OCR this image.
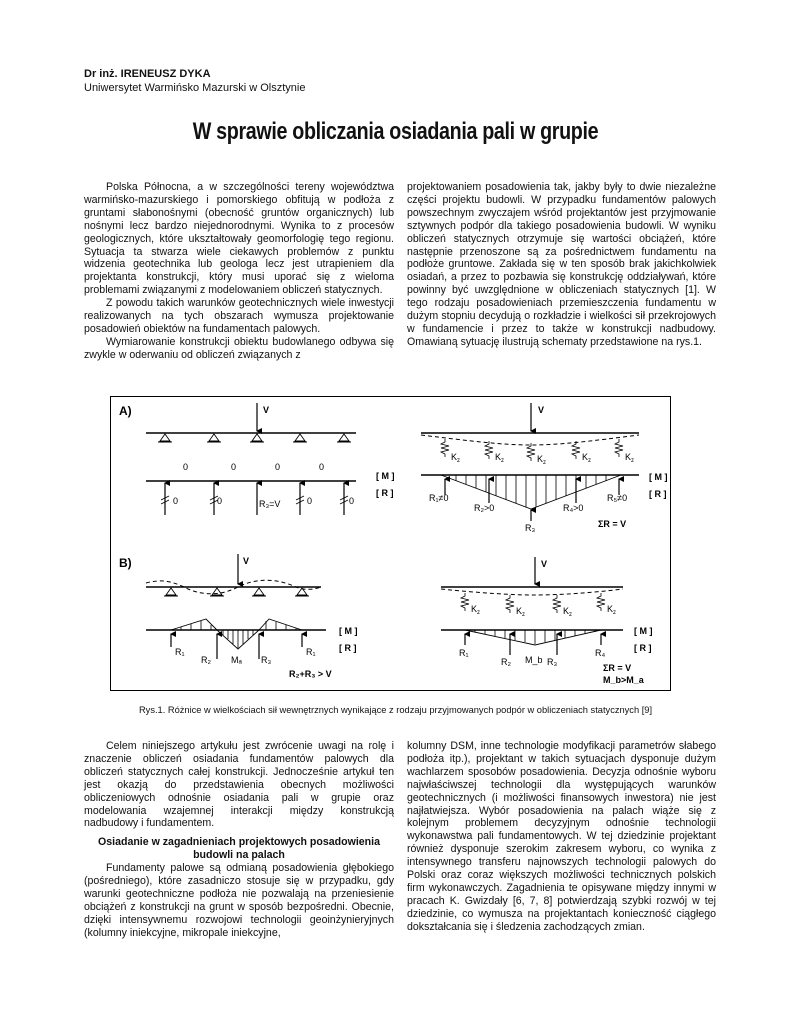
Dr inż. IRENEUSZ DYKA
Uniwersytet Warmińsko Mazurski w Olsztynie
W sprawie obliczania osiadania pali w grupie

Polska Północna, a w szczególności tereny województwa warmińsko-mazurskiego i pomorskiego obfitują w podłoża z gruntami słabonośnymi (obecność gruntów organicznych) lub nośnymi lecz bardzo niejednorodnymi. Wynika to z procesów geologicznych, które ukształtowały geomorfologię tego regionu. Sytuacja ta stwarza wiele ciekawych problemów z punktu widzenia geotechnika lub geologa lecz jest utrapieniem dla projektanta konstrukcji, który musi uporać się z wieloma problemami związanymi z modelowaniem obliczeń statycznych.

Z powodu takich warunków geotechnicznych wiele inwestycji realizowanych na tych obszarach wymusza projektowanie posadowień obiektów na fundamentach palowych.

Wymiarowanie konstrukcji obiektu budowlanego odbywa się zwykle w oderwaniu od obliczeń związanych z

projektowaniem posadowienia tak, jakby były to dwie niezależne części projektu budowli. W przypadku fundamentów palowych powszechnym zwyczajem wśród projektantów jest przyjmowanie sztywnych podpór dla takiego posadowienia budowli. W wyniku obliczeń statycznych otrzymuje się wartości obciążeń, które następnie przenoszone są za pośrednictwem fundamentu na podłoże gruntowe. Zakłada się w ten sposób brak jakichkolwiek osiadań, a przez to pozbawia się konstrukcję oddziaływań, które powinny być uwzględnione w obliczeniach statycznych [1]. W tego rodzaju posadowieniach przemieszczenia fundamentu w dużym stopniu decydują o rozkładzie i wielkości sił przekrojowych w fundamencie i przez to także w konstrukcji nadbudowy. Omawianą sytuację ilustrują schematy przedstawione na rys.1.

A)	V
0	0	0	0
0	0	R₃=V	0	0
[ M ]
[ R ]
V
$K_z$	$K_z$	$K_z$
$K_z$	$K_z$
R₁≠0
R₂>0
R₃
R₄>0
R₅≠0
[ M ]
[ R ]
ΣR = V
B)	V
R₁
R₂ Mₐ R₃
R₁
[ M ]
[ R ]
R₂+R₃ > V
V
$K_z$	$K_z$	$K_z$
$K_z$
R₁
R₂ M_b R₃
R₄
[ M ]
[ R ]
ΣR = V
M_b>M_a
Rys.1. Różnice w wielkościach sił wewnętrznych wynikające z rodzaju przyjmowanych podpór w obliczeniach statycznych [9]

Celem niniejszego artykułu jest zwrócenie uwagi na rolę i znaczenie obliczeń osiadania fundamentów palowych dla obliczeń statycznych całej konstrukcji. Jednocześnie artykuł ten jest okazją do przedstawienia obecnych możliwości obliczeniowych odnośnie osiadania pali w grupie oraz modelowania wzajemnej interakcji między konstrukcją nadbudowy i fundamentem.

Osiadanie w zagadnieniach projektowych posadowienia budowli na palach

Fundamenty palowe są odmianą posadowienia głębokiego (pośredniego), które zasadniczo stosuje się w przypadku, gdy warunki geotechniczne podłoża nie pozwalają na przeniesienie obciążeń z konstrukcji na grunt w sposób bezpośredni. Obecnie, dzięki intensywnemu rozwojowi technologii geoinżynieryjnych (kolumny iniekcyjne, mikropale iniekcyjne,

kolumny DSM, inne technologie modyfikacji parametrów słabego podłoża itp.), projektant w takich sytuacjach dysponuje dużym wachlarzem sposobów posadowienia. Decyzja odnośnie wyboru najwłaściwszej technologii dla występujących warunków geotechnicznych (i możliwości finansowych inwestora) nie jest najłatwiejsza. Wybór posadowienia na palach wiąże się z kolejnym problemem decyzyjnym odnośnie technologii wykonawstwa pali fundamentowych. W tej dziedzinie projektant również dysponuje szerokim zakresem wyboru, co wynika z intensywnego transferu najnowszych technologii palowych do Polski oraz coraz większych możliwości technicznych polskich firm wykonawczych. Zagadnienia te opisywane między innymi w pracach K. Gwizdały [6, 7, 8] potwierdzają szybki rozwój w tej dziedzinie, co wymusza na projektantach konieczność ciągłego dokształcania się i śledzenia zachodzących zmian.
